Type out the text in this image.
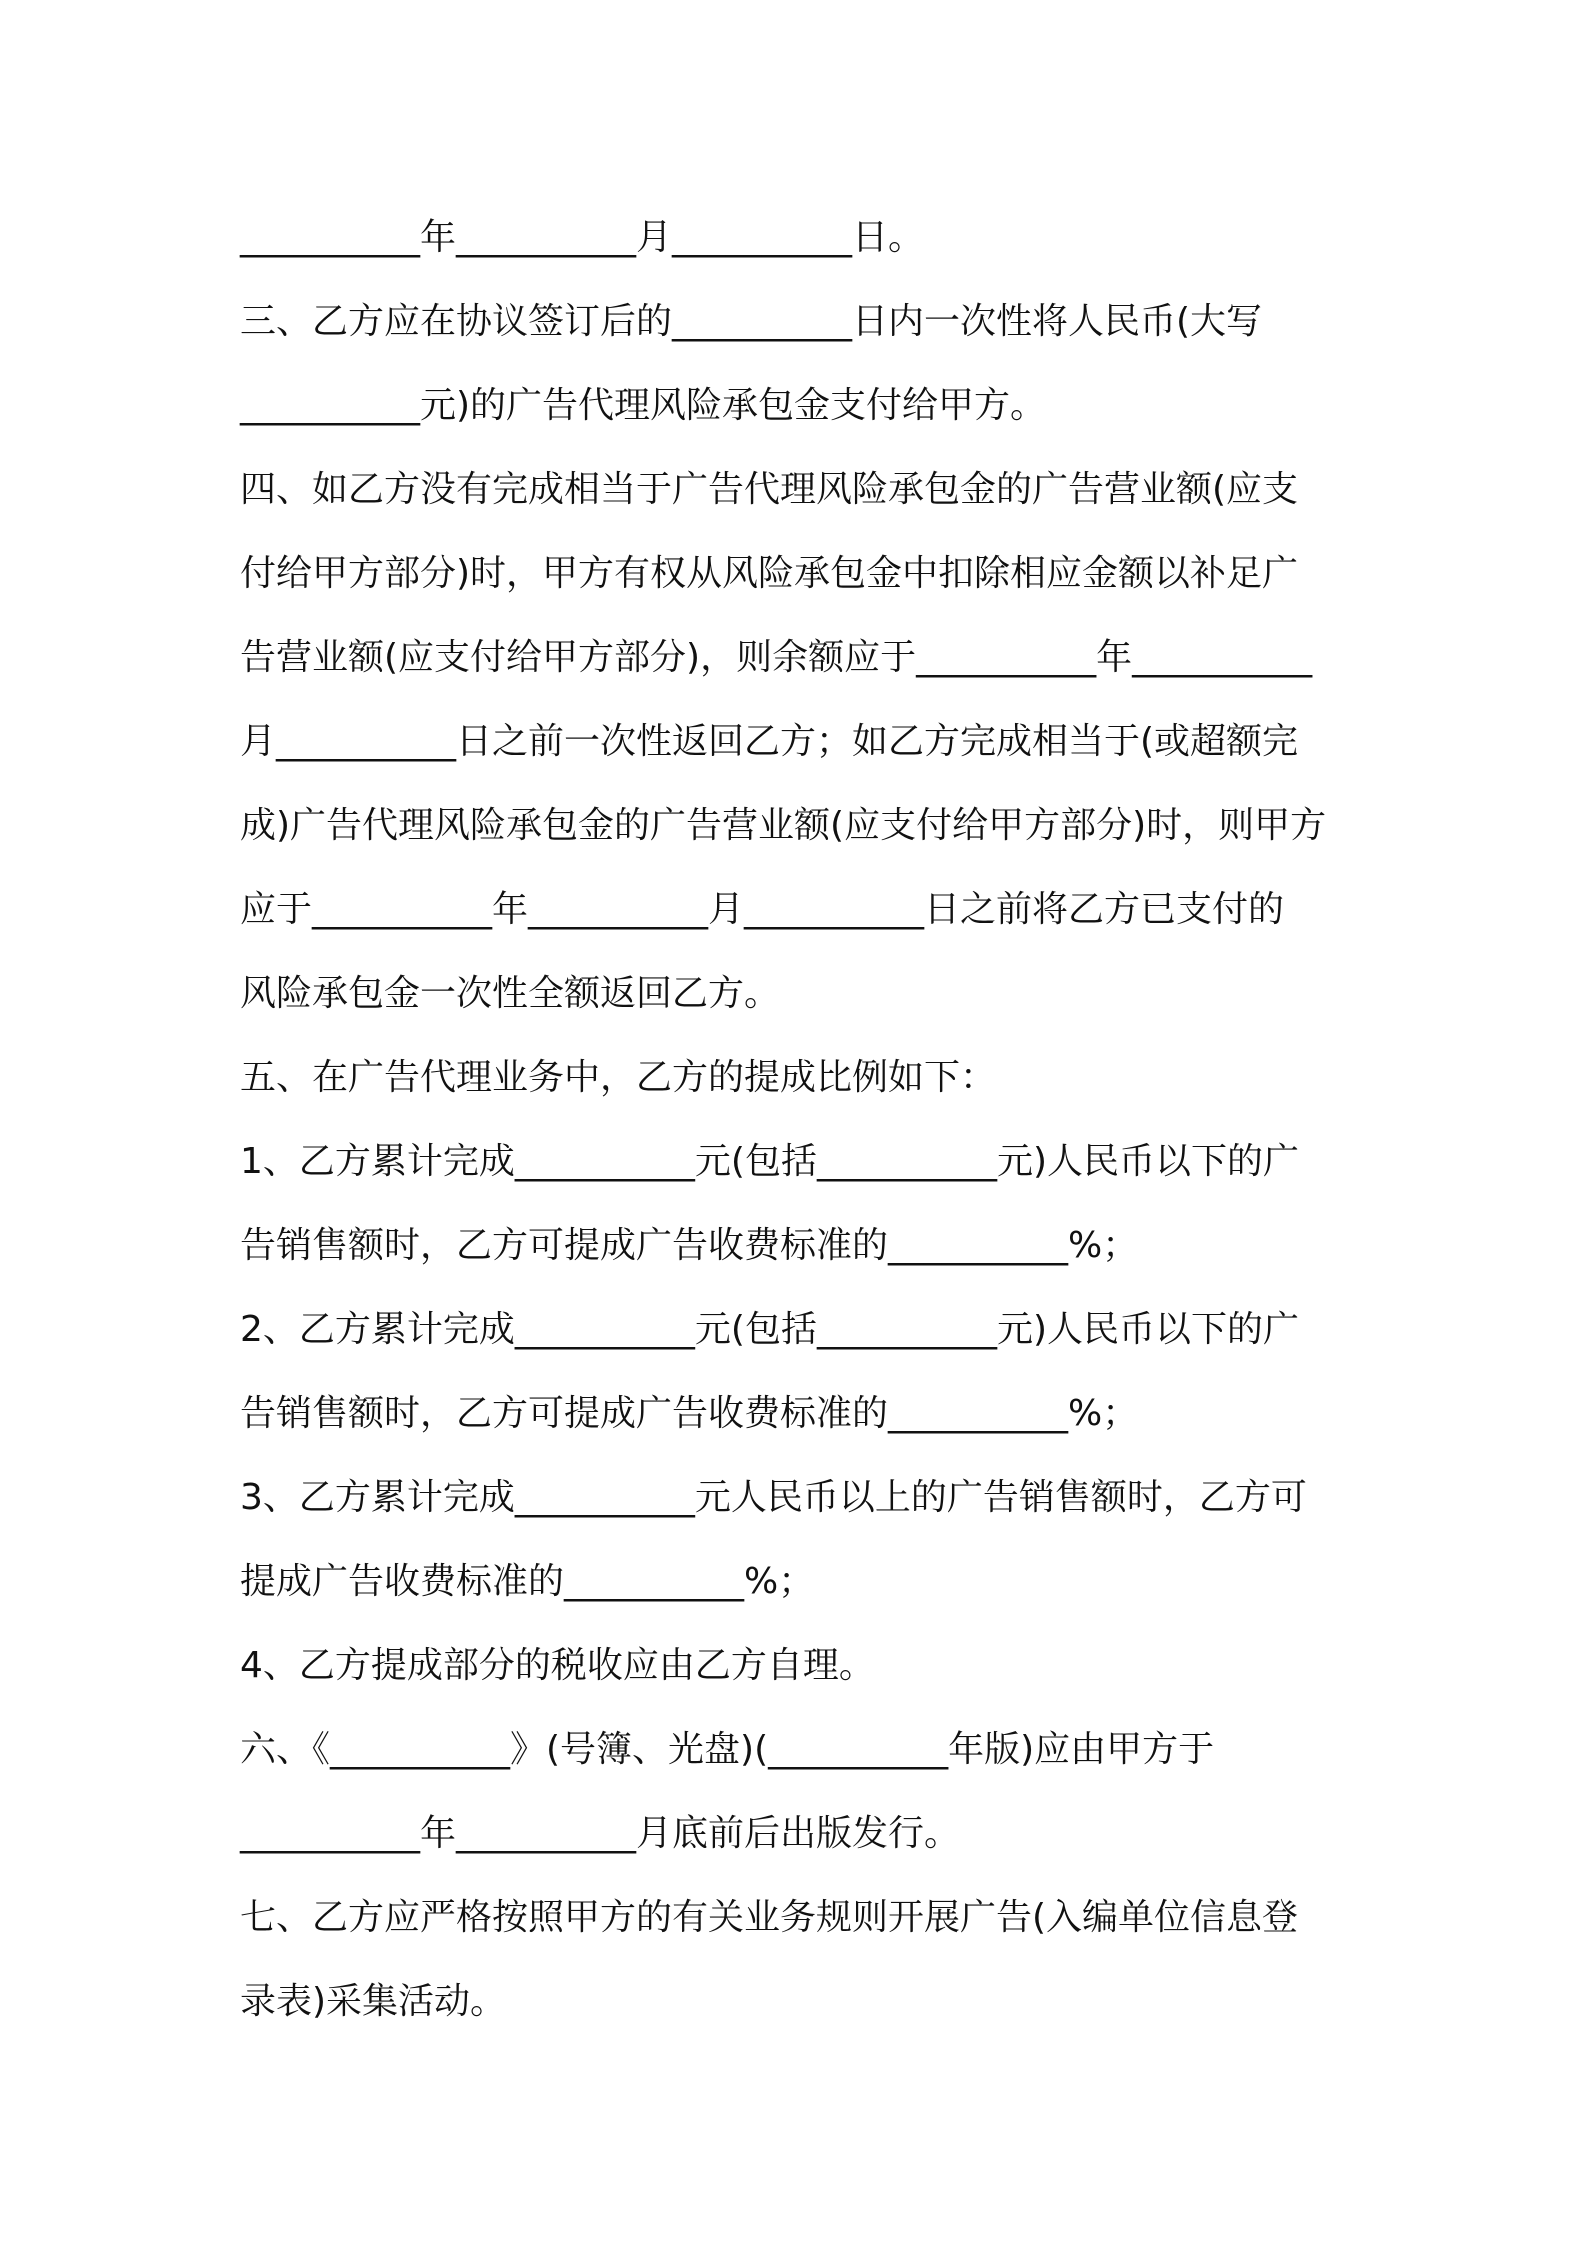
__________年__________月__________日。

三、乙方应在协议签订后的__________日内一次性将人民币(大写

__________元)的广告代理风险承包金支付给甲方。

四、如乙方没有完成相当于广告代理风险承包金的广告营业额(应支

付给甲方部分)时，甲方有权从风险承包金中扣除相应金额以补足广

告营业额(应支付给甲方部分)，则余额应于__________年__________

月__________日之前一次性返回乙方；如乙方完成相当于(或超额完

成)广告代理风险承包金的广告营业额(应支付给甲方部分)时，则甲方

应于__________年__________月__________日之前将乙方已支付的

风险承包金一次性全额返回乙方。

五、在广告代理业务中，乙方的提成比例如下：

1、乙方累计完成__________元(包括__________元)人民币以下的广

告销售额时，乙方可提成广告收费标准的__________%；

2、乙方累计完成__________元(包括__________元)人民币以下的广

告销售额时，乙方可提成广告收费标准的__________%；

3、乙方累计完成__________元人民币以上的广告销售额时，乙方可

提成广告收费标准的__________%；

4、乙方提成部分的税收应由乙方自理。

六、《__________》(号簿、光盘)(__________年版)应由甲方于

__________年__________月底前后出版发行。

七、乙方应严格按照甲方的有关业务规则开展广告(入编单位信息登

录表)采集活动。
